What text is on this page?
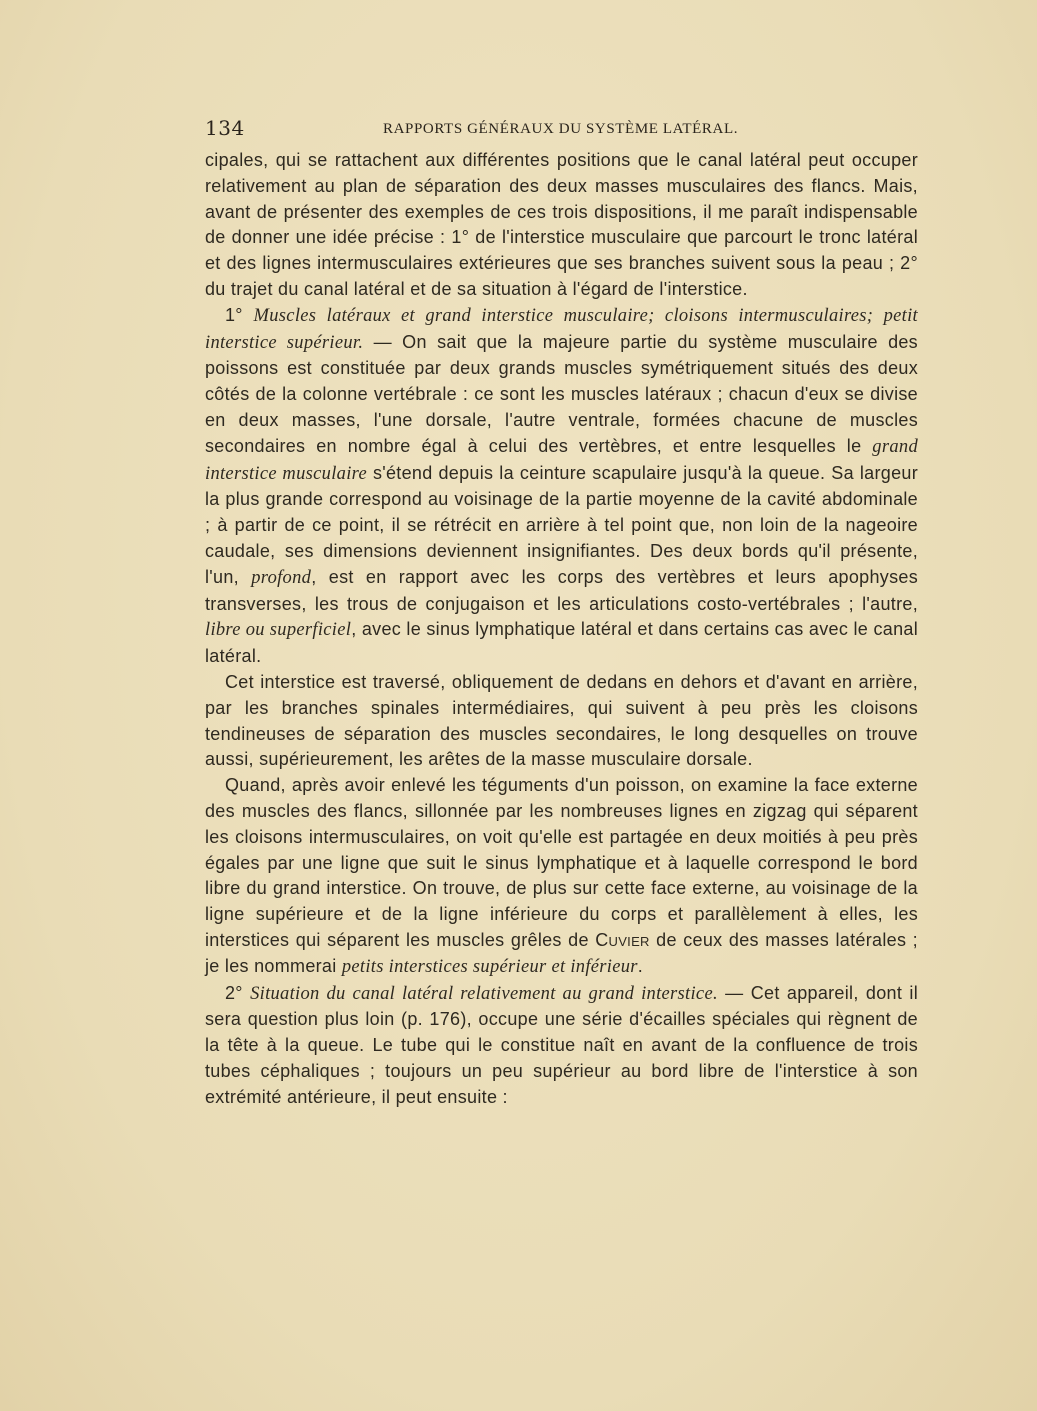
134	RAPPORTS GÉNÉRAUX DU SYSTÈME LATÉRAL.

cipales, qui se rattachent aux différentes positions que le canal latéral peut occuper relativement au plan de séparation des deux masses musculaires des flancs. Mais, avant de présenter des exemples de ces trois dispositions, il me paraît indispensable de donner une idée précise : 1° de l'interstice musculaire que parcourt le tronc latéral et des lignes intermusculaires extérieures que ses branches suivent sous la peau ; 2° du trajet du canal latéral et de sa situation à l'égard de l'interstice.

1° Muscles latéraux et grand interstice musculaire; cloisons intermusculaires; petit interstice supérieur. — On sait que la majeure partie du système musculaire des poissons est constituée par deux grands muscles symétriquement situés des deux côtés de la colonne vertébrale : ce sont les muscles latéraux ; chacun d'eux se divise en deux masses, l'une dorsale, l'autre ventrale, formées chacune de muscles secondaires en nombre égal à celui des vertèbres, et entre lesquelles le grand interstice musculaire s'étend depuis la ceinture scapulaire jusqu'à la queue. Sa largeur la plus grande correspond au voisinage de la partie moyenne de la cavité abdominale ; à partir de ce point, il se rétrécit en arrière à tel point que, non loin de la nageoire caudale, ses dimensions deviennent insignifiantes. Des deux bords qu'il présente, l'un, profond, est en rapport avec les corps des vertèbres et leurs apophyses transverses, les trous de conjugaison et les articulations costo-vertébrales ; l'autre, libre ou superficiel, avec le sinus lymphatique latéral et dans certains cas avec le canal latéral.

Cet interstice est traversé, obliquement de dedans en dehors et d'avant en arrière, par les branches spinales intermédiaires, qui suivent à peu près les cloisons tendineuses de séparation des muscles secondaires, le long desquelles on trouve aussi, supérieurement, les arêtes de la masse musculaire dorsale.

Quand, après avoir enlevé les téguments d'un poisson, on examine la face externe des muscles des flancs, sillonnée par les nombreuses lignes en zigzag qui séparent les cloisons intermusculaires, on voit qu'elle est partagée en deux moitiés à peu près égales par une ligne que suit le sinus lymphatique et à laquelle correspond le bord libre du grand interstice. On trouve, de plus sur cette face externe, au voisinage de la ligne supérieure et de la ligne inférieure du corps et parallèlement à elles, les interstices qui séparent les muscles grêles de Cuvier de ceux des masses latérales ; je les nommerai petits interstices supérieur et inférieur.

2° Situation du canal latéral relativement au grand interstice. — Cet appareil, dont il sera question plus loin (p. 176), occupe une série d'écailles spéciales qui règnent de la tête à la queue. Le tube qui le constitue naît en avant de la confluence de trois tubes céphaliques ; toujours un peu supérieur au bord libre de l'interstice à son extrémité antérieure, il peut ensuite :
